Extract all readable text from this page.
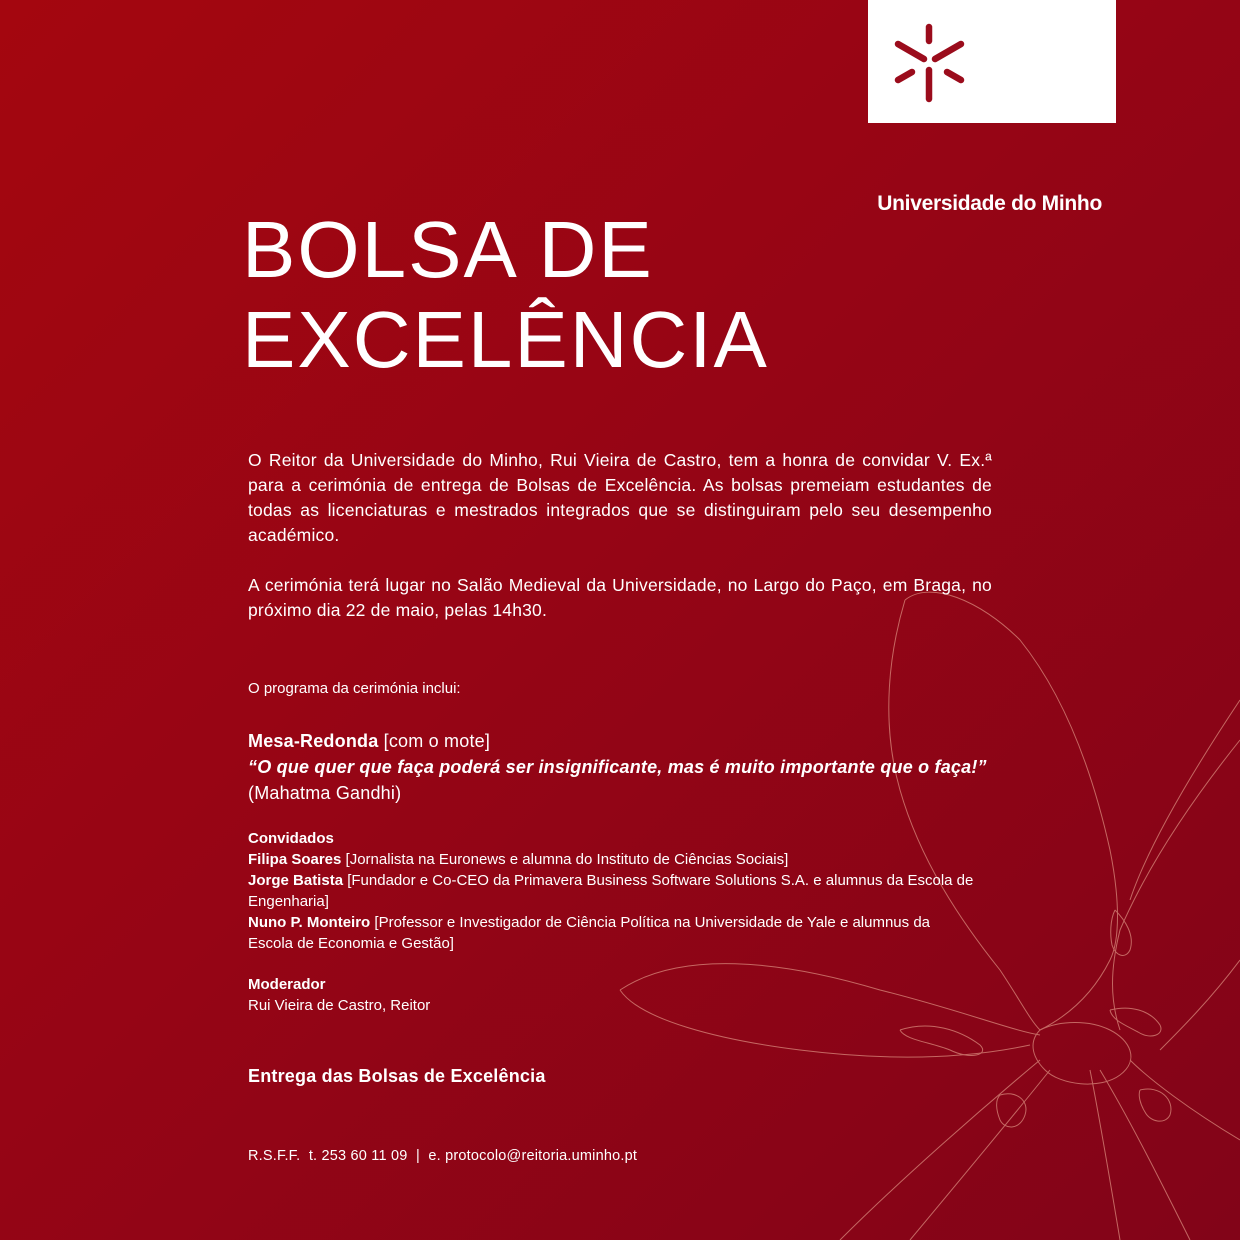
Universidade do Minho
BOLSA DE
EXCELÊNCIA

O Reitor da Universidade do Minho, Rui Vieira de Castro, tem a honra de convidar V. Ex.ª para a cerimónia de entrega de Bolsas de Excelência. As bolsas premeiam estudantes de todas as licenciaturas e mestrados integrados que se distinguiram pelo seu desempenho académico.

A cerimónia terá lugar no Salão Medieval da Universidade, no Largo do Paço, em Braga, no próximo dia 22 de maio, pelas 14h30.

O programa da cerimónia inclui:
Mesa-Redonda [com o mote]
“O que quer que faça poderá ser insignificante, mas é muito importante que o faça!” (Mahatma Gandhi)
Convidados
Filipa Soares [Jornalista na Euronews e alumna do Instituto de Ciências Sociais]
Jorge Batista [Fundador e Co-CEO da Primavera Business Software Solutions S.A. e alumnus da Escola de Engenharia]
Nuno P. Monteiro [Professor e Investigador de Ciência Política na Universidade de Yale e alumnus da Escola de Economia e Gestão]
Moderador
Rui Vieira de Castro, Reitor
Entrega das Bolsas de Excelência
R.S.F.F.  t. 253 60 11 09  |  e. protocolo@reitoria.uminho.pt
